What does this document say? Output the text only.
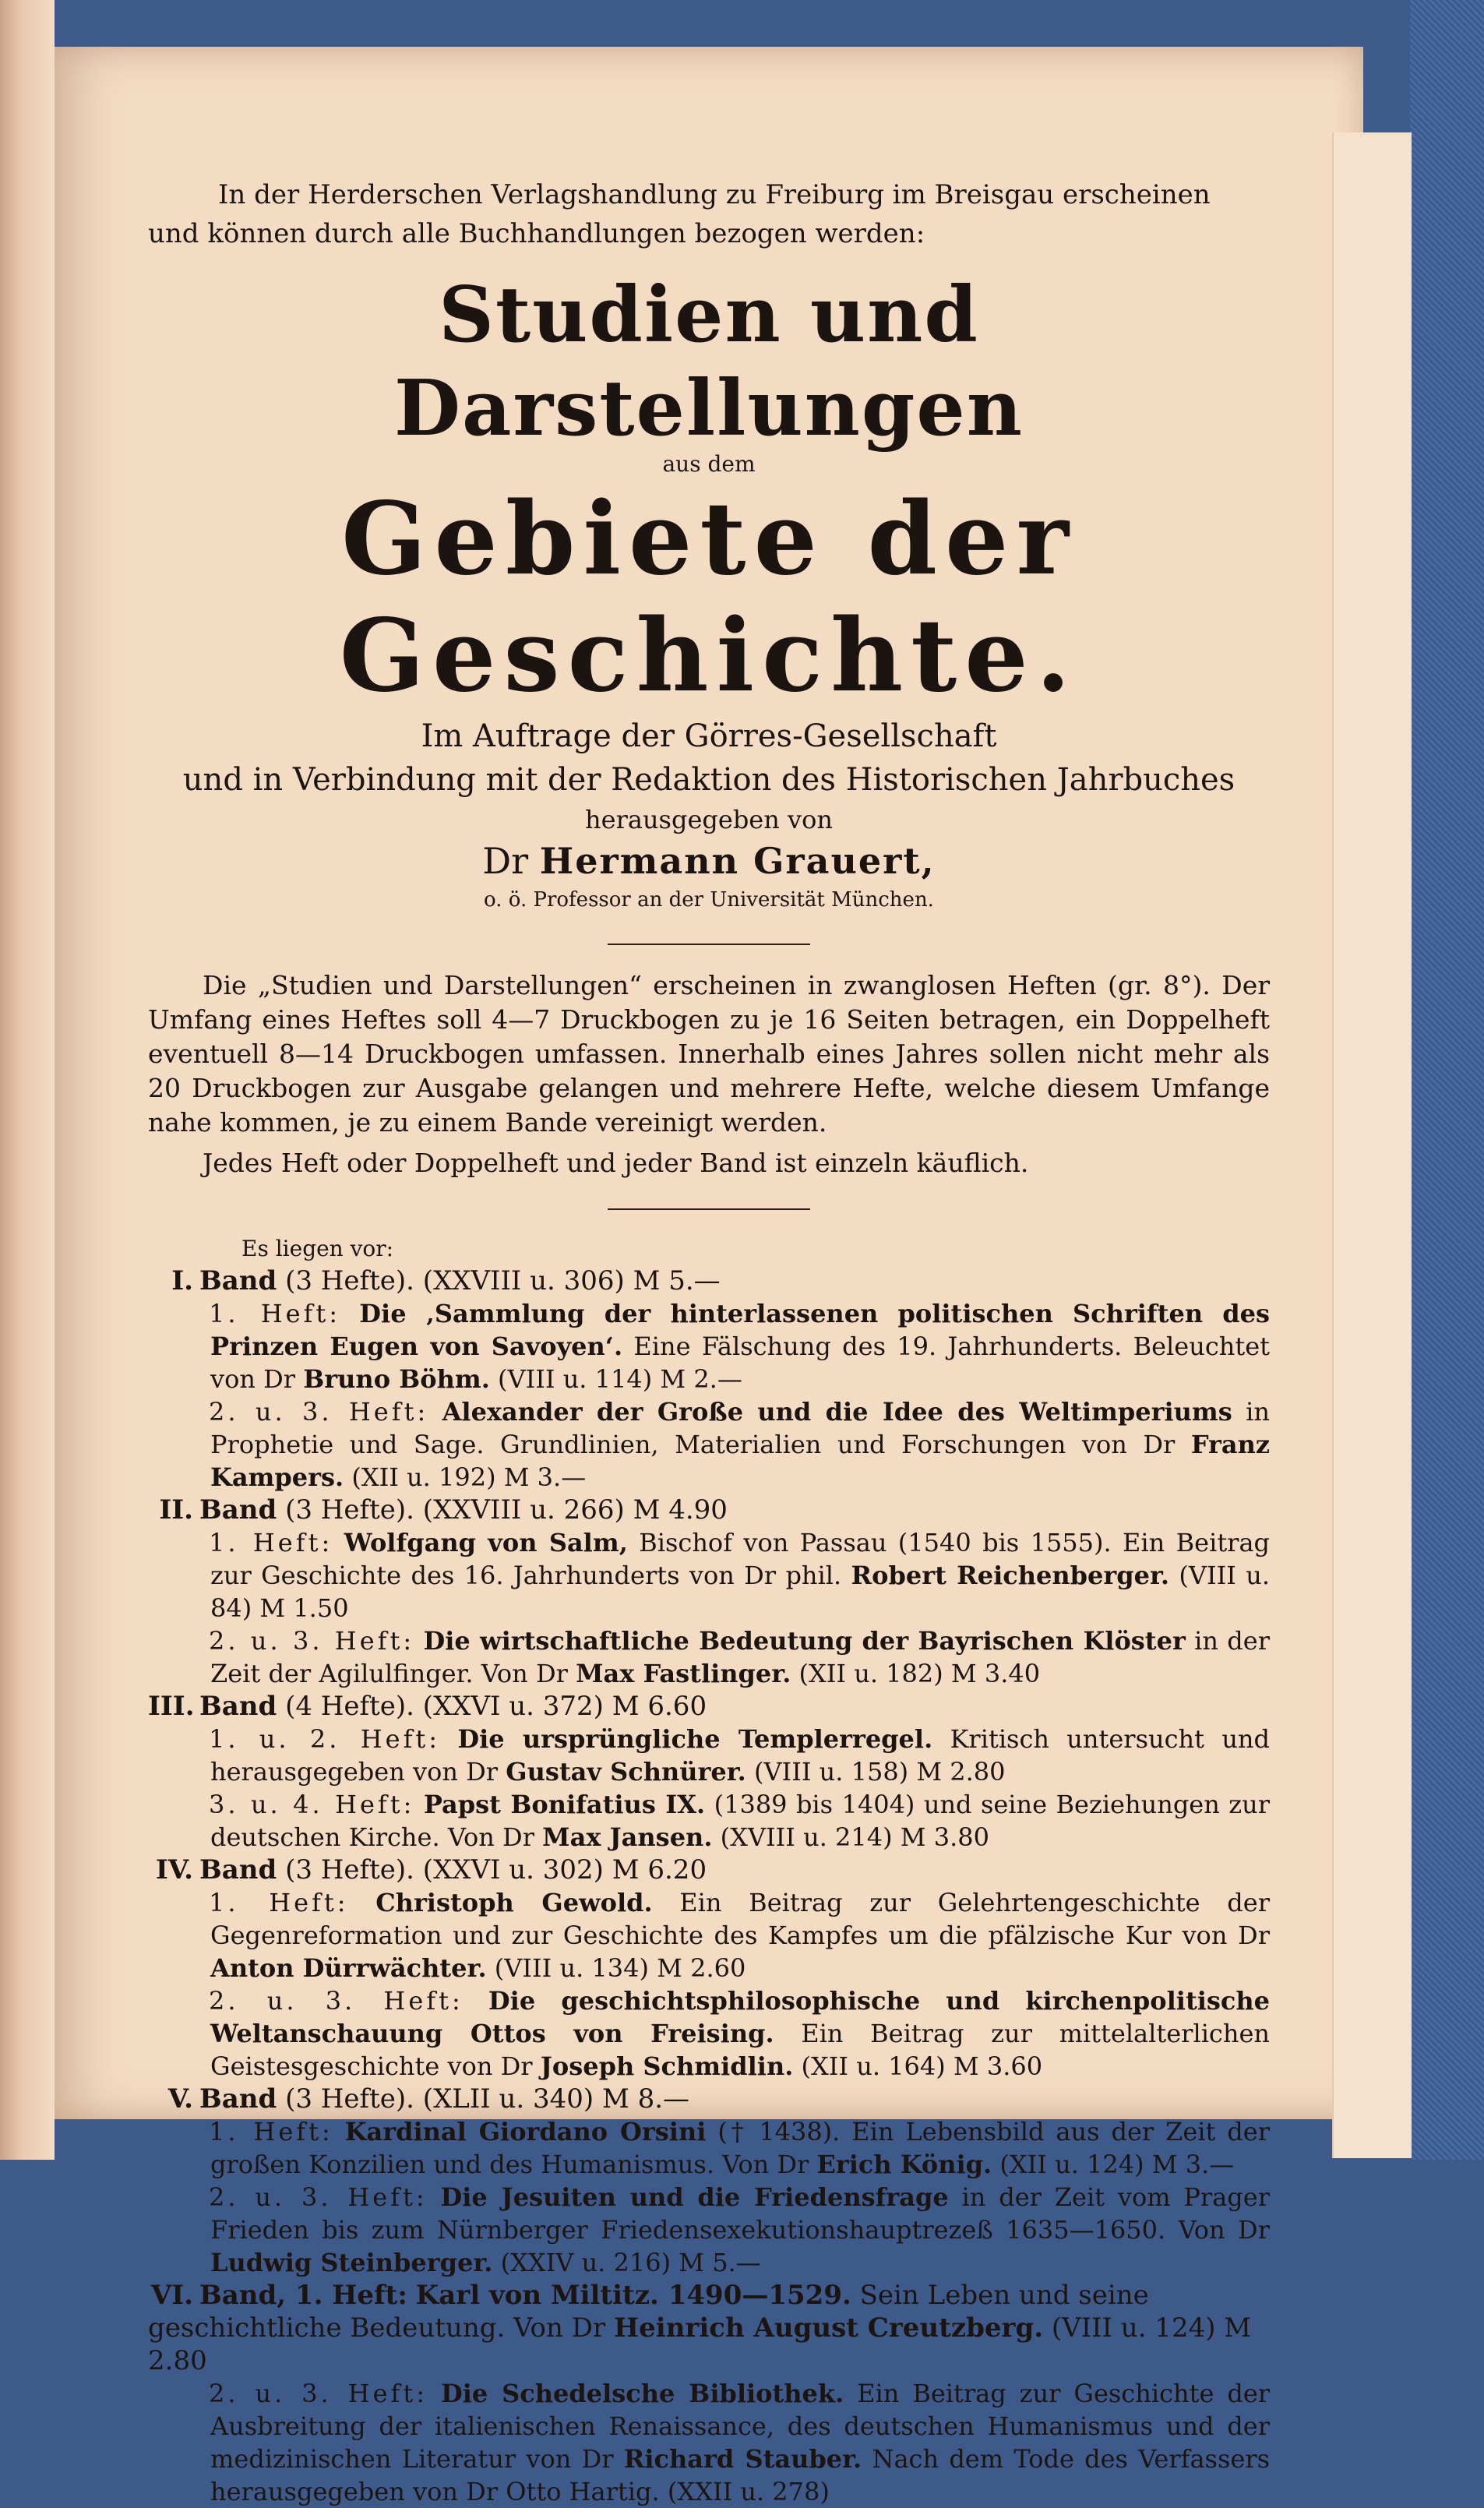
In der Herderschen Verlagshandlung zu Freiburg im Breisgau erscheinen
und können durch alle Buchhandlungen bezogen werden:
Studien und Darstellungen
aus dem
Gebiete der Geschichte.
Im Auftrage der Görres-Gesellschaft
und in Verbindung mit der Redaktion des Historischen Jahrbuches
herausgegeben von
Dr Hermann Grauert,
o. ö. Professor an der Universität München.

Die „Studien und Darstellungen“ erscheinen in zwanglosen Heften (gr. 8°). Der Umfang eines Heftes soll 4—7 Druckbogen zu je 16 Seiten betragen, ein Doppelheft eventuell 8—14 Druckbogen umfassen. Innerhalb eines Jahres sollen nicht mehr als 20 Druckbogen zur Ausgabe gelangen und mehrere Hefte, welche diesem Umfange nahe kommen, je zu einem Bande vereinigt werden.

Jedes Heft oder Doppelheft und jeder Band ist einzeln käuflich.

Es liegen vor:

I. Band (3 Hefte). (XXVIII u. 306) M 5.—

1. Heft: Die ‚Sammlung der hinterlassenen politischen Schriften des Prinzen Eugen von Savoyen‘. Eine Fälschung des 19. Jahrhunderts. Beleuchtet von Dr Bruno Böhm. (VIII u. 114) M 2.—

2. u. 3. Heft: Alexander der Große und die Idee des Weltimperiums in Prophetie und Sage. Grundlinien, Materialien und Forschungen von Dr Franz Kampers. (XII u. 192) M 3.—

II. Band (3 Hefte). (XXVIII u. 266) M 4.90

1. Heft: Wolfgang von Salm, Bischof von Passau (1540 bis 1555). Ein Beitrag zur Geschichte des 16. Jahrhunderts von Dr phil. Robert Reichenberger. (VIII u. 84) M 1.50

2. u. 3. Heft: Die wirtschaftliche Bedeutung der Bayrischen Klöster in der Zeit der Agilulfinger. Von Dr Max Fastlinger. (XII u. 182) M 3.40

III. Band (4 Hefte). (XXVI u. 372) M 6.60

1. u. 2. Heft: Die ursprüngliche Templerregel. Kritisch untersucht und herausgegeben von Dr Gustav Schnürer. (VIII u. 158) M 2.80

3. u. 4. Heft: Papst Bonifatius IX. (1389 bis 1404) und seine Beziehungen zur deutschen Kirche. Von Dr Max Jansen. (XVIII u. 214) M 3.80

IV. Band (3 Hefte). (XXVI u. 302) M 6.20

1. Heft: Christoph Gewold. Ein Beitrag zur Gelehrtengeschichte der Gegenreformation und zur Geschichte des Kampfes um die pfälzische Kur von Dr Anton Dürrwächter. (VIII u. 134) M 2.60

2. u. 3. Heft: Die geschichtsphilosophische und kirchenpolitische Weltanschauung Ottos von Freising. Ein Beitrag zur mittelalterlichen Geistesgeschichte von Dr Joseph Schmidlin. (XII u. 164) M 3.60

V. Band (3 Hefte). (XLII u. 340) M 8.—

1. Heft: Kardinal Giordano Orsini († 1438). Ein Lebensbild aus der Zeit der großen Konzilien und des Humanismus. Von Dr Erich König. (XII u. 124) M 3.—

2. u. 3. Heft: Die Jesuiten und die Friedensfrage in der Zeit vom Prager Frieden bis zum Nürnberger Friedensexekutionshauptrezeß 1635—1650. Von Dr Ludwig Steinberger. (XXIV u. 216) M 5.—

VI. Band, 1. Heft: Karl von Miltitz. 1490—1529. Sein Leben und seine geschichtliche Bedeutung. Von Dr Heinrich August Creutzberg. (VIII u. 124) M 2.80

2. u. 3. Heft: Die Schedelsche Bibliothek. Ein Beitrag zur Geschichte der Ausbreitung der italienischen Renaissance, des deutschen Humanismus und der medizinischen Literatur von Dr Richard Stauber. Nach dem Tode des Verfassers herausgegeben von Dr Otto Hartig. (XXII u. 278)
